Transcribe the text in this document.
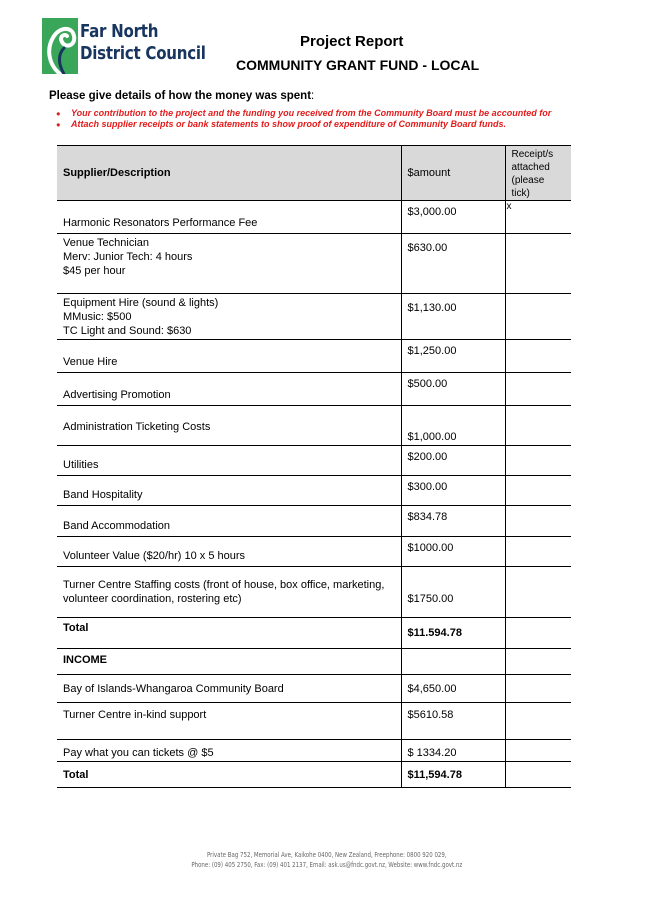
Far North
District Council
Project Report
COMMUNITY GRANT FUND - LOCAL
Please give details of how the money was spent:
● Your contribution to the project and the funding you received from the Community Board must be accounted for
● Attach supplier receipts or bank statements to show proof of expenditure of Community Board funds.
Supplier/Description	$amount	Receipt/s
attached
(please
tick)

Harmonic Resonators Performance Fee	$3,000.00	x

Venue Technician
Merv: Junior Tech: 4 hours
$45 per hour	$630.00	

Equipment Hire (sound & lights)
MMusic: $500
TC Light and Sound: $630	$1,130.00	
Venue Hire	$1,250.00	
Advertising Promotion	$500.00	
Administration Ticketing Costs	$1,000.00	
Utilities	$200.00	
Band Hospitality	$300.00	
Band Accommodation	$834.78	
Volunteer Value ($20/hr) 10 x 5 hours	$1000.00	

Turner Centre Staffing costs (front of house, box office, marketing,
volunteer coordination, rostering etc)	$1750.00	
Total	$11.594.78	
INCOME		
Bay of Islands-Whangaroa Community Board	$4,650.00	
Turner Centre in-kind support	$5610.58	
Pay what you can tickets @ $5	$ 1334.20	
Total	$11,594.78	
Private Bag 752, Memorial Ave, Kaikohe 0400, New Zealand, Freephone: 0800 920 029,
Phone: (09) 405 2750, Fax: (09) 401 2137, Email: ask.us@fndc.govt.nz, Website: www.fndc.govt.nz
